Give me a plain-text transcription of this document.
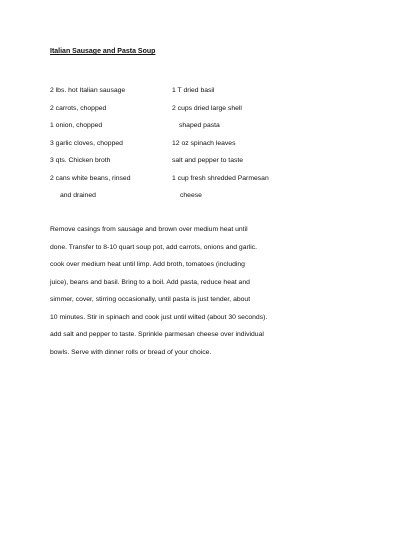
Italian Sausage and Pasta Soup
2 lbs. hot Italian sausage
2 carrots, chopped
1 onion, chopped
3 garlic cloves, chopped
3 qts. Chicken broth
2 cans white beans, rinsed
and drained
1 T dried basil
2 cups dried large shell
shaped pasta
12 oz spinach leaves
salt and pepper to taste
1 cup fresh shredded Parmesan
cheese
Remove casings from sausage and brown over medium heat until
done. Transfer to 8-10 quart soup pot, add carrots, onions and garlic.
cook over medium heat until limp. Add broth, tomatoes (including
juice), beans and basil. Bring to a boil. Add pasta, reduce heat and
simmer, cover, stirring occasionally, until pasta is just tender, about
10 minutes. Stir in spinach and cook just until wilted (about 30 seconds).
add salt and pepper to taste. Sprinkle parmesan cheese over individual
bowls. Serve with dinner rolls or bread of your choice.
